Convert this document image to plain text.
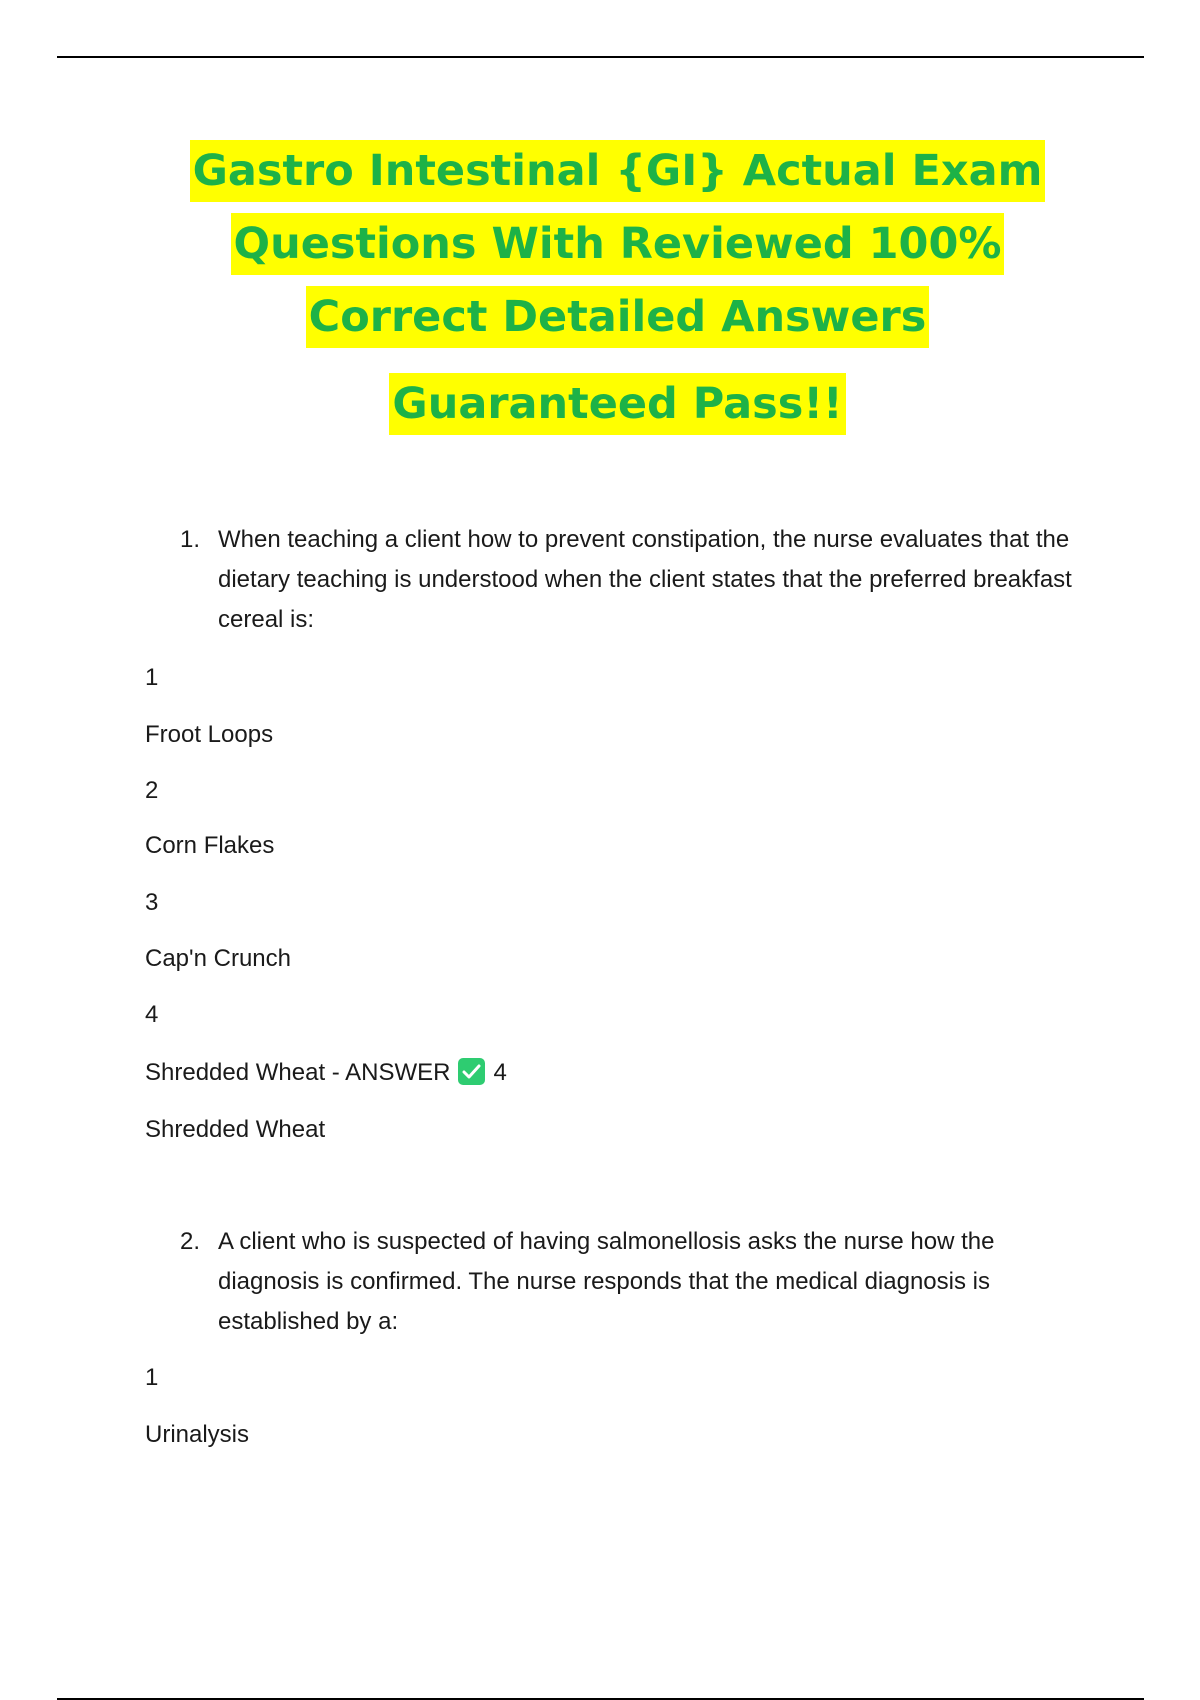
Gastro Intestinal {GI} Actual Exam
Questions With Reviewed 100%
Correct Detailed Answers
Guaranteed Pass!!
1. When teaching a client how to prevent constipation, the nurse evaluates that the dietary teaching is understood when the client states that the preferred breakfast cereal is:
1
Froot Loops
2
Corn Flakes
3
Cap'n Crunch
4
Shredded Wheat - ANSWER 4
Shredded Wheat
2. A client who is suspected of having salmonellosis asks the nurse how the diagnosis is confirmed. The nurse responds that the medical diagnosis is established by a:
1
Urinalysis
